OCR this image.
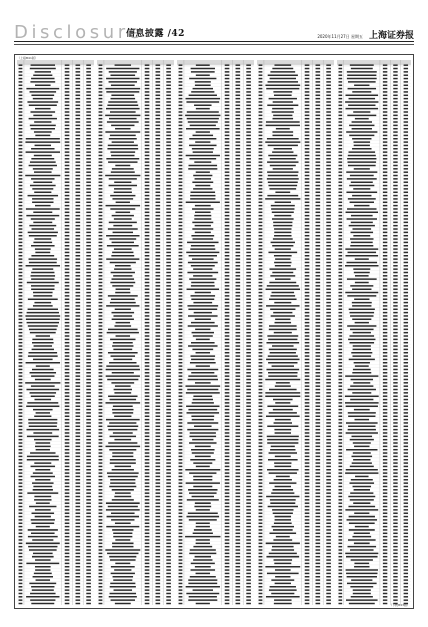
Disclosure
信息披露 /42	2020年11月27日 星期五 上海证券报
（上接B41版）
（下转B43版）
